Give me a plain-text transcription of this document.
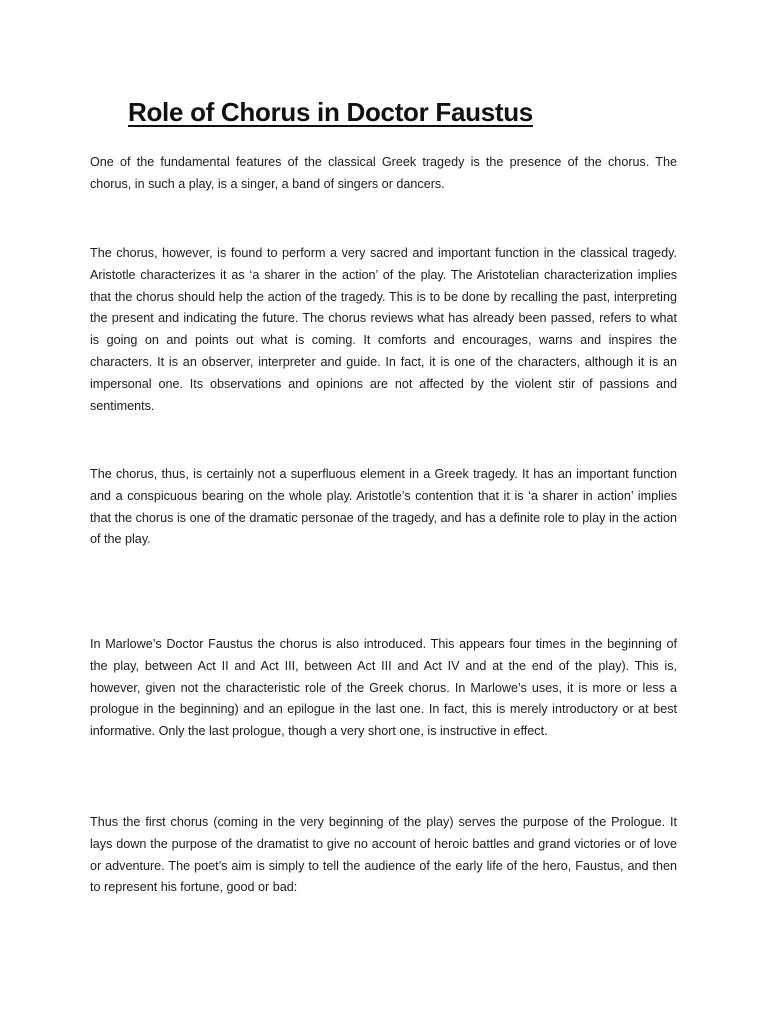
Role of Chorus in Doctor Faustus

One of the fundamental features of the classical Greek tragedy is the presence of the chorus. The chorus, in such a play, is a singer, a band of singers or dancers.

The chorus, however, is found to perform a very sacred and important function in the classical tragedy. Aristotle characterizes it as ‘a sharer in the action’ of the play. The Aristotelian characterization implies that the chorus should help the action of the tragedy. This is to be done by recalling the past, interpreting the present and indicating the future. The chorus reviews what has already been passed, refers to what is going on and points out what is coming. It comforts and encourages, warns and inspires the characters. It is an observer, interpreter and guide. In fact, it is one of the characters, although it is an impersonal one. Its observations and opinions are not affected by the violent stir of passions and sentiments.

The chorus, thus, is certainly not a superfluous element in a Greek tragedy. It has an important function and a conspicuous bearing on the whole play. Aristotle’s contention that it is ‘a sharer in action’ implies that the chorus is one of the dramatic personae of the tragedy, and has a definite role to play in the action of the play.

In Marlowe’s Doctor Faustus the chorus is also introduced. This appears four times in the beginning of the play, between Act II and Act III, between Act III and Act IV and at the end of the play). This is, however, given not the characteristic role of the Greek chorus. In Marlowe’s uses, it is more or less a prologue in the beginning) and an epilogue in the last one. In fact, this is merely introductory or at best informative. Only the last prologue, though a very short one, is instructive in effect.

Thus the first chorus (coming in the very beginning of the play) serves the purpose of the Prologue. It lays down the purpose of the dramatist to give no account of heroic battles and grand victories or of love or adventure. The poet’s aim is simply to tell the audience of the early life of the hero, Faustus, and then to represent his fortune, good or bad:
